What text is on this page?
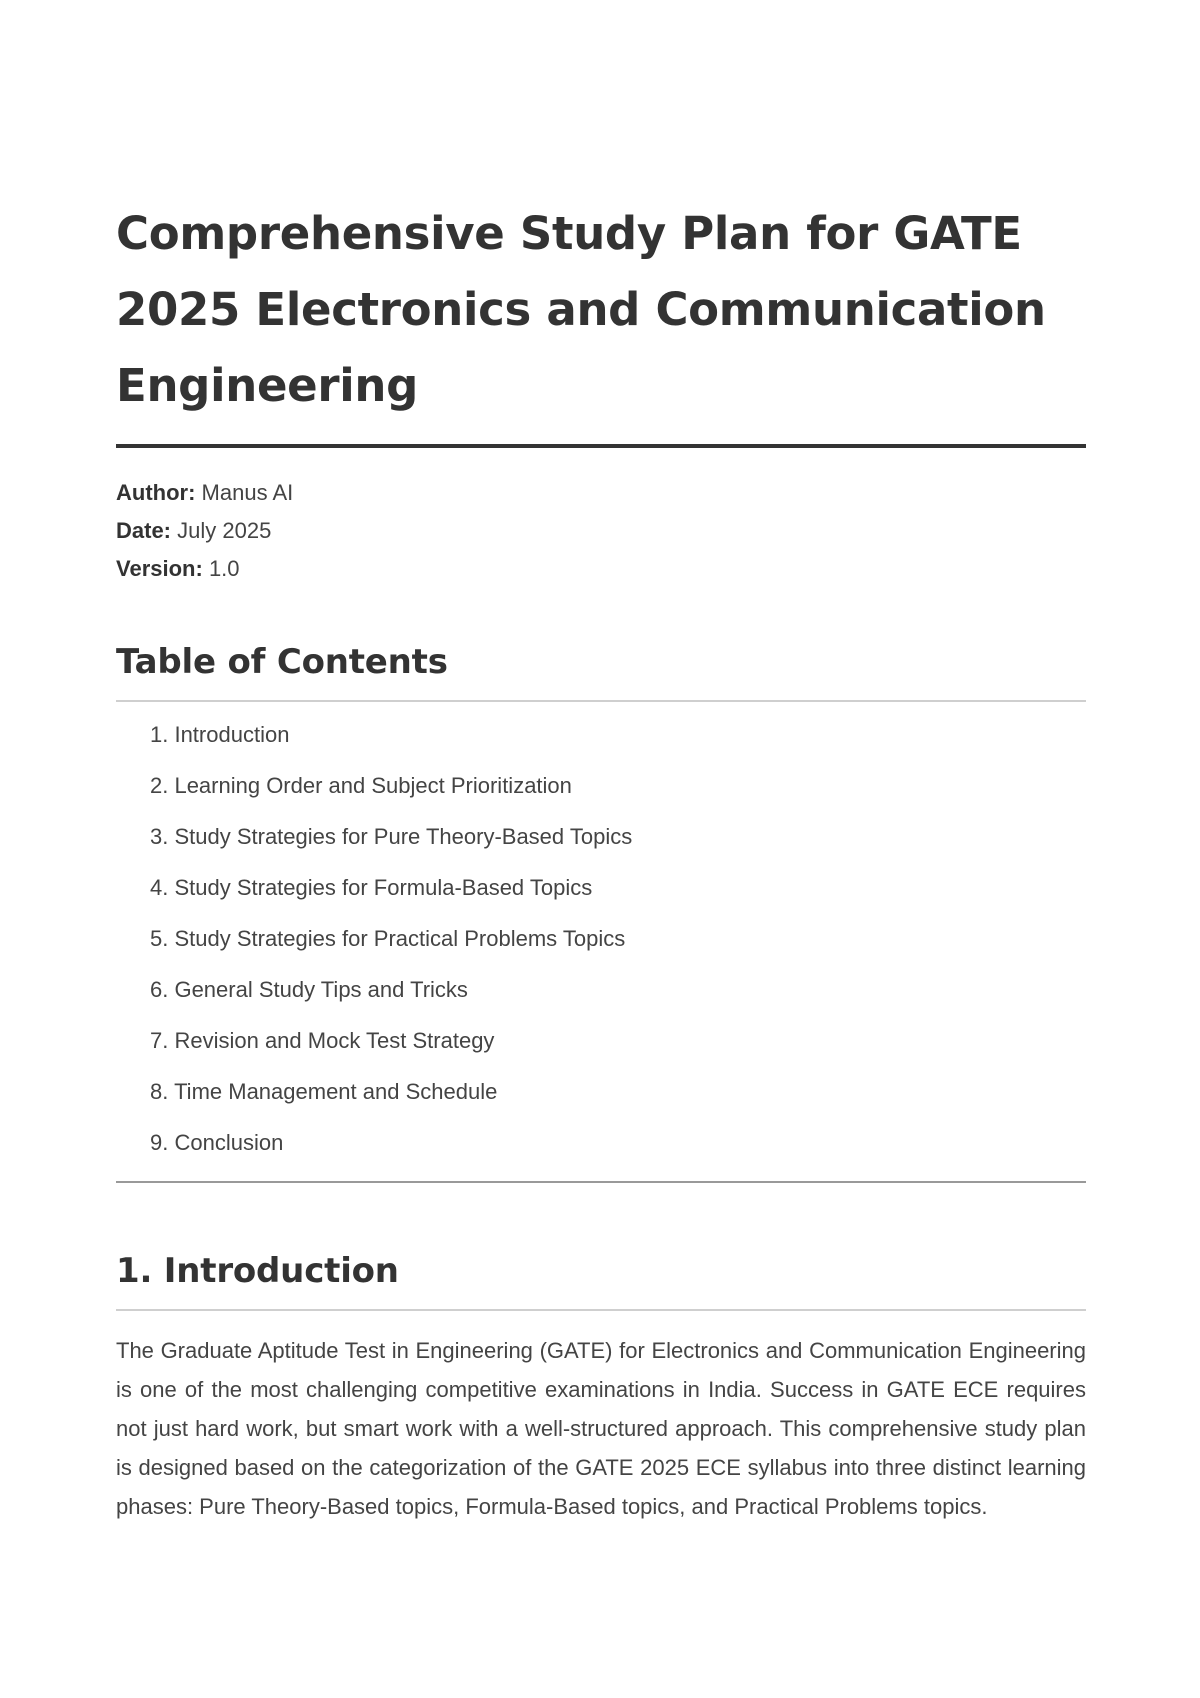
Comprehensive Study Plan for GATE 2025 Electronics and Communication Engineering
Author: Manus AI
Date: July 2025
Version: 1.0
Table of Contents
1. Introduction
2. Learning Order and Subject Prioritization
3. Study Strategies for Pure Theory-Based Topics
4. Study Strategies for Formula-Based Topics
5. Study Strategies for Practical Problems Topics
6. General Study Tips and Tricks
7. Revision and Mock Test Strategy
8. Time Management and Schedule
9. Conclusion
1. Introduction

The Graduate Aptitude Test in Engineering (GATE) for Electronics and Communication Engineering is one of the most challenging competitive examinations in India. Success in GATE ECE requires not just hard work, but smart work with a well-structured approach. This comprehensive study plan is designed based on the categorization of the GATE 2025 ECE syllabus into three distinct learning phases: Pure Theory-Based topics, Formula-Based topics, and Practical Problems topics.
